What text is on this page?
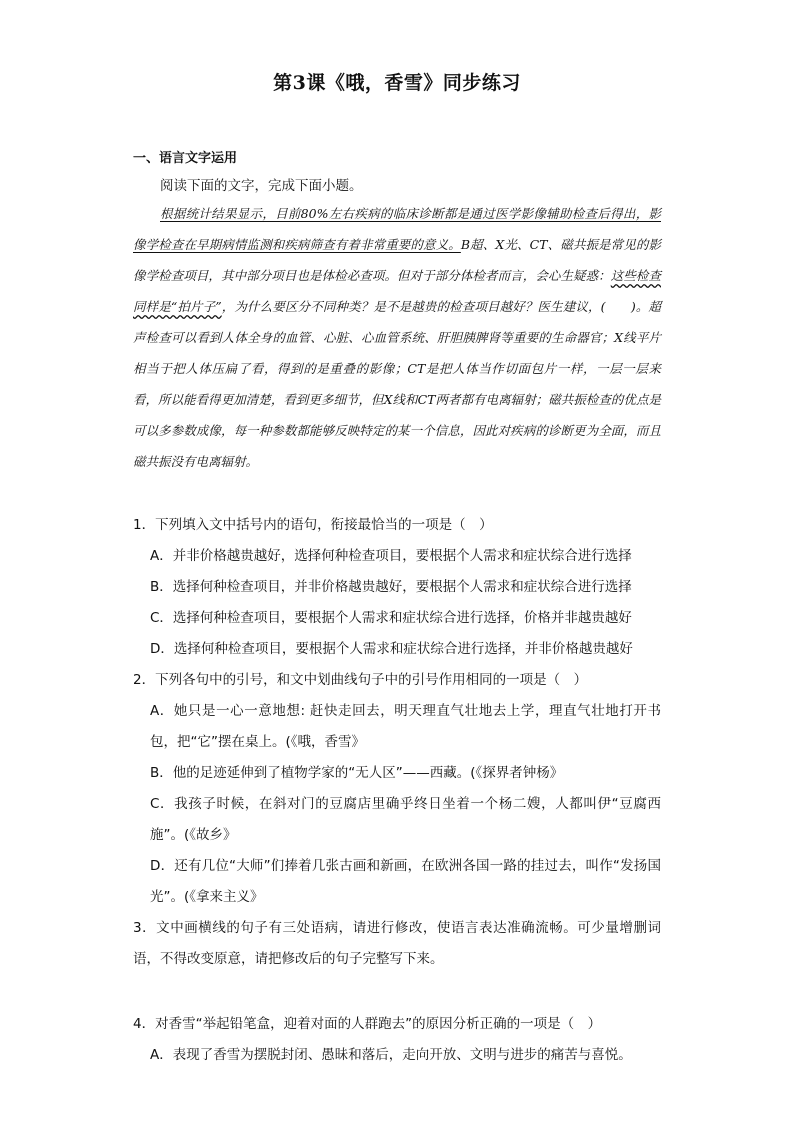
第3课《哦，香雪》同步练习
一、语言文字运用
阅读下面的文字，完成下面小题。

根据统计结果显示，目前80%左右疾病的临床诊断都是通过医学影像辅助检查后得出，影像学检查在早期病情监测和疾病筛查有着非常重要的意义。B超、X光、CT、磁共振是常见的影像学检查项目，其中部分项目也是体检必查项。但对于部分体检者而言，会心生疑惑：这些检查同样是“拍片子”，为什么要区分不同种类？是不是越贵的检查项目越好？医生建议，(　　)。超声检查可以看到人体全身的血管、心脏、心血管系统、肝胆胰脾肾等重要的生命器官；X线平片相当于把人体压扁了看，得到的是重叠的影像；CT是把人体当作切面包片一样，一层一层来看，所以能看得更加清楚，看到更多细节，但X线和CT两者都有电离辐射；磁共振检查的优点是可以多参数成像，每一种参数都能够反映特定的某一个信息，因此对疾病的诊断更为全面，而且磁共振没有电离辐射。

1．下列填入文中括号内的语句，衔接最恰当的一项是（　）

A．并非价格越贵越好，选择何种检查项目，要根据个人需求和症状综合进行选择

B．选择何种检查项目，并非价格越贵越好，要根据个人需求和症状综合进行选择

C．选择何种检查项目，要根据个人需求和症状综合进行选择，价格并非越贵越好

D．选择何种检查项目，要根据个人需求和症状综合进行选择，并非价格越贵越好

2．下列各句中的引号，和文中划曲线句子中的引号作用相同的一项是（　）

A．她只是一心一意地想: 赶快走回去，明天理直气壮地去上学，理直气壮地打开书包，把“它”摆在桌上。(《哦，香雪》

B．他的足迹延伸到了植物学家的“无人区”——西藏。(《探界者钟杨》

C．我孩子时候，在斜对门的豆腐店里确乎终日坐着一个杨二嫂，人都叫伊“豆腐西施”。(《故乡》

D．还有几位“大师”们捧着几张古画和新画，在欧洲各国一路的挂过去，叫作“发扬国光”。(《拿来主义》

3．文中画横线的句子有三处语病，请进行修改，使语言表达准确流畅。可少量增删词语，不得改变原意，请把修改后的句子完整写下来。

4．对香雪“举起铅笔盒，迎着对面的人群跑去”的原因分析正确的一项是（　）

A．表现了香雪为摆脱封闭、愚昧和落后，走向开放、文明与进步的痛苦与喜悦。
